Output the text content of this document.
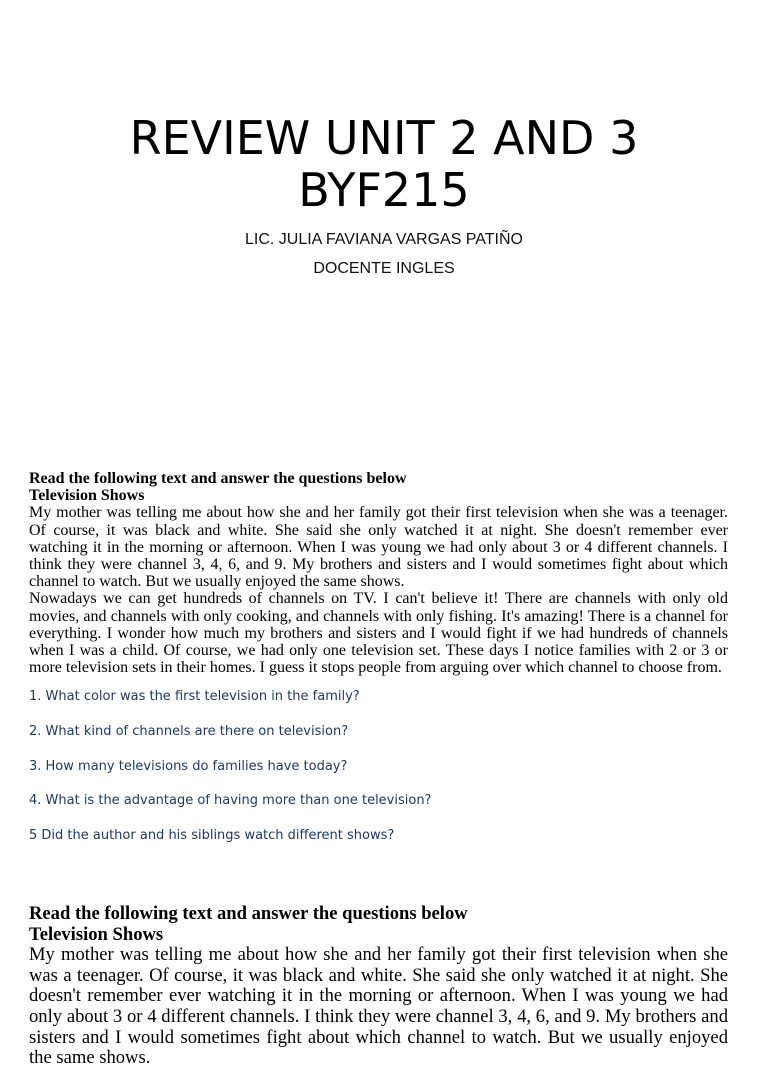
REVIEW UNIT 2 AND 3
BYF215
LIC. JULIA FAVIANA VARGAS PATIÑO
DOCENTE INGLES
Read the following text and answer the questions below
Television Shows

My mother was telling me about how she and her family got their first television when she was a teenager. Of course, it was black and white. She said she only watched it at night. She doesn't remember ever watching it in the morning or afternoon. When I was young we had only about 3 or 4 different channels. I think they were channel 3, 4, 6, and 9. My brothers and sisters and I would sometimes fight about which channel to watch. But we usually enjoyed the same shows.

Nowadays we can get hundreds of channels on TV. I can't believe it! There are channels with only old movies, and channels with only cooking, and channels with only fishing. It's amazing! There is a channel for everything. I wonder how much my brothers and sisters and I would fight if we had hundreds of channels when I was a child. Of course, we had only one television set. These days I notice families with 2 or 3 or more television sets in their homes. I guess it stops people from arguing over which channel to choose from.

1. What color was the first television in the family?
2. What kind of channels are there on television?
3. How many televisions do families have today?
4. What is the advantage of having more than one television?
5 Did the author and his siblings watch different shows?
Read the following text and answer the questions below
Television Shows

My mother was telling me about how she and her family got their first television when she was a teenager. Of course, it was black and white. She said she only watched it at night. She doesn't remember ever watching it in the morning or afternoon. When I was young we had only about 3 or 4 different channels. I think they were channel 3, 4, 6, and 9. My brothers and sisters and I would sometimes fight about which channel to watch. But we usually enjoyed the same shows.
